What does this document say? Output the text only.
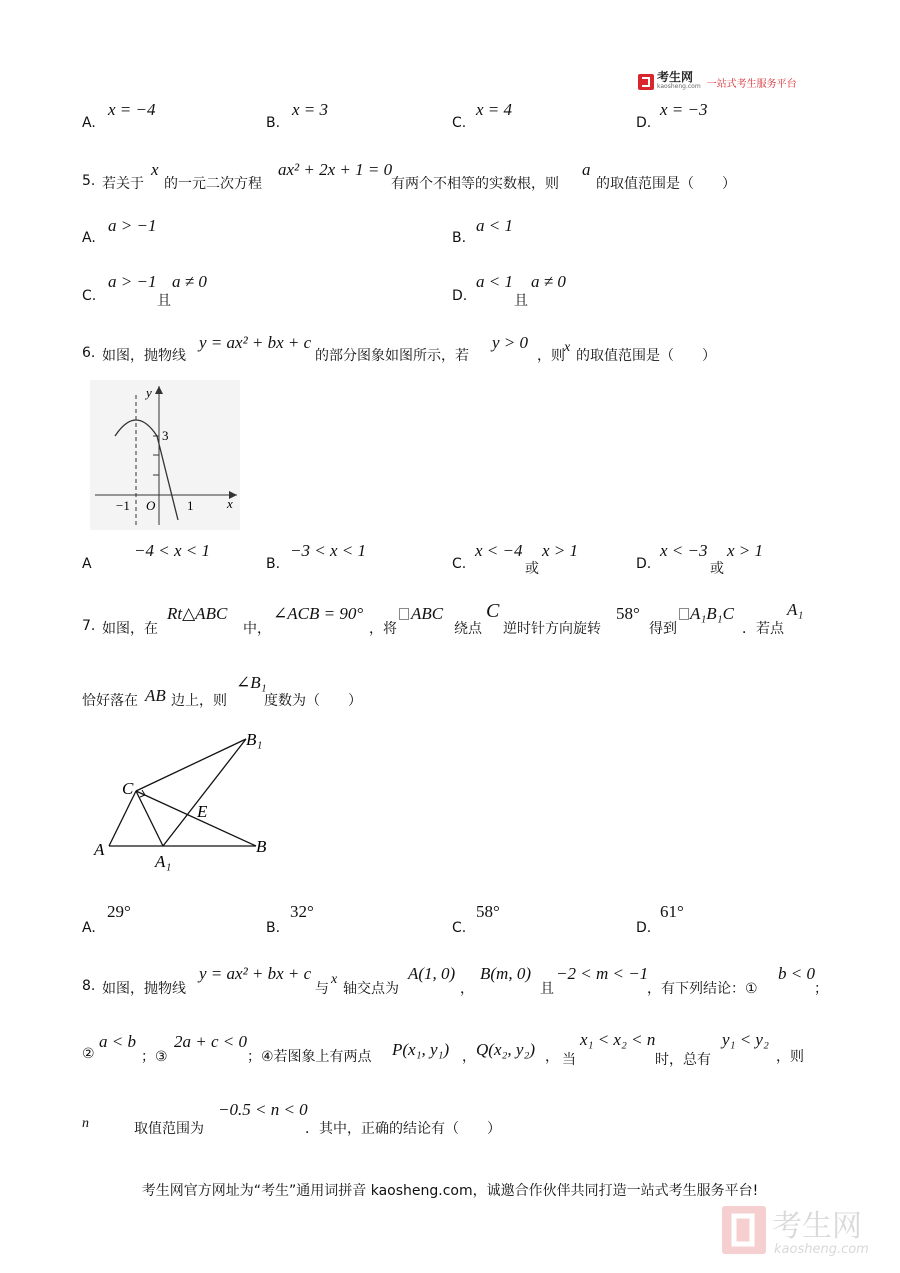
考生网
kaosheng.com 一站式考生服务平台
A.
x = −4
B.
x = 3
C.
x = 4
D.
x = −3
5. 若关于
x
的一元二次方程
ax² + 2x + 1 = 0
有两个不相等的实数根，则
a
的取值范围是（　　）
A.
a > −1
B.
a < 1
C.
a > −1
且
a ≠ 0
D.
a < 1
且
a ≠ 0
6. 如图，抛物线
y = ax² + bx + c
的部分图象如图所示，若
y > 0
，则
x
的取值范围是（　　）
y
x
3
−1 O 1
A
−4 < x < 1
B.
−3 < x < 1
C.
x < −4
或
x > 1
D.
x < −3
或
x > 1
7. 如图，在
Rt△ABC
中，
∠ACB = 90°
，将
ABC
绕点
C
逆时针方向旋转
58°
得到
A₁B₁C
．若点
A₁
恰好落在 AB 边上，则
∠B₁
度数为（　　）
A	B
C
E
A₁
B₁
A.
29°
B.
32°
C.
58°
D.
61°
8. 如图，抛物线
y = ax² + bx + c
与
x
轴交点为
A(1, 0)
，
B(m, 0)
且
−2 < m < −1
，有下列结论：①
b < 0
；
②
a < b
；③
2a + c < 0
；④若图象上有两点 P(x₁, y₁) ， Q(x₂, y₂) ， 当
x₁ < x₂ < n
时，总有
y₁ < y₂
，则
n	取值范围为
−0.5 < n < 0
．其中，正确的结论有（　　）
考生网官方网址为“考生”通用词拼音 kaosheng.com，诚邀合作伙伴共同打造一站式考生服务平台!
考生网
kaosheng.com
